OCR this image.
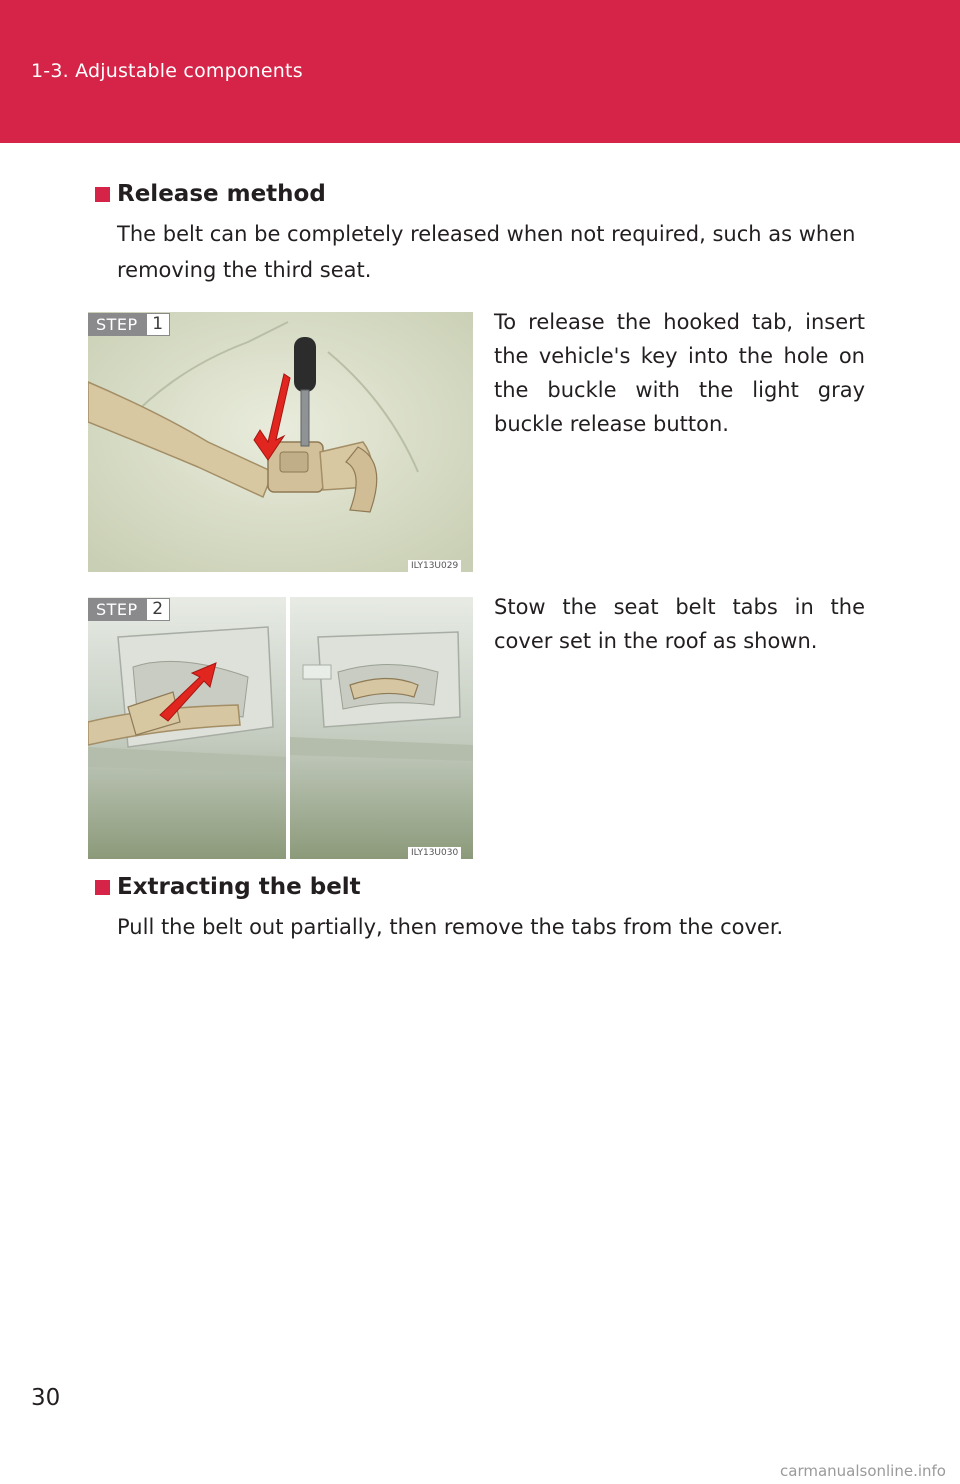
1-3. Adjustable components
Release method
The belt can be completely released when not required, such as when removing the third seat.
STEP 1
ILY13U029
To release the hooked tab, insert the vehicle's key into the hole on the buckle with the light gray buckle release button.
STEP 2
ILY13U030
Stow the seat belt tabs in the cover set in the roof as shown.
Extracting the belt
Pull the belt out partially, then remove the tabs from the cover.
30
carmanualsonline.info
